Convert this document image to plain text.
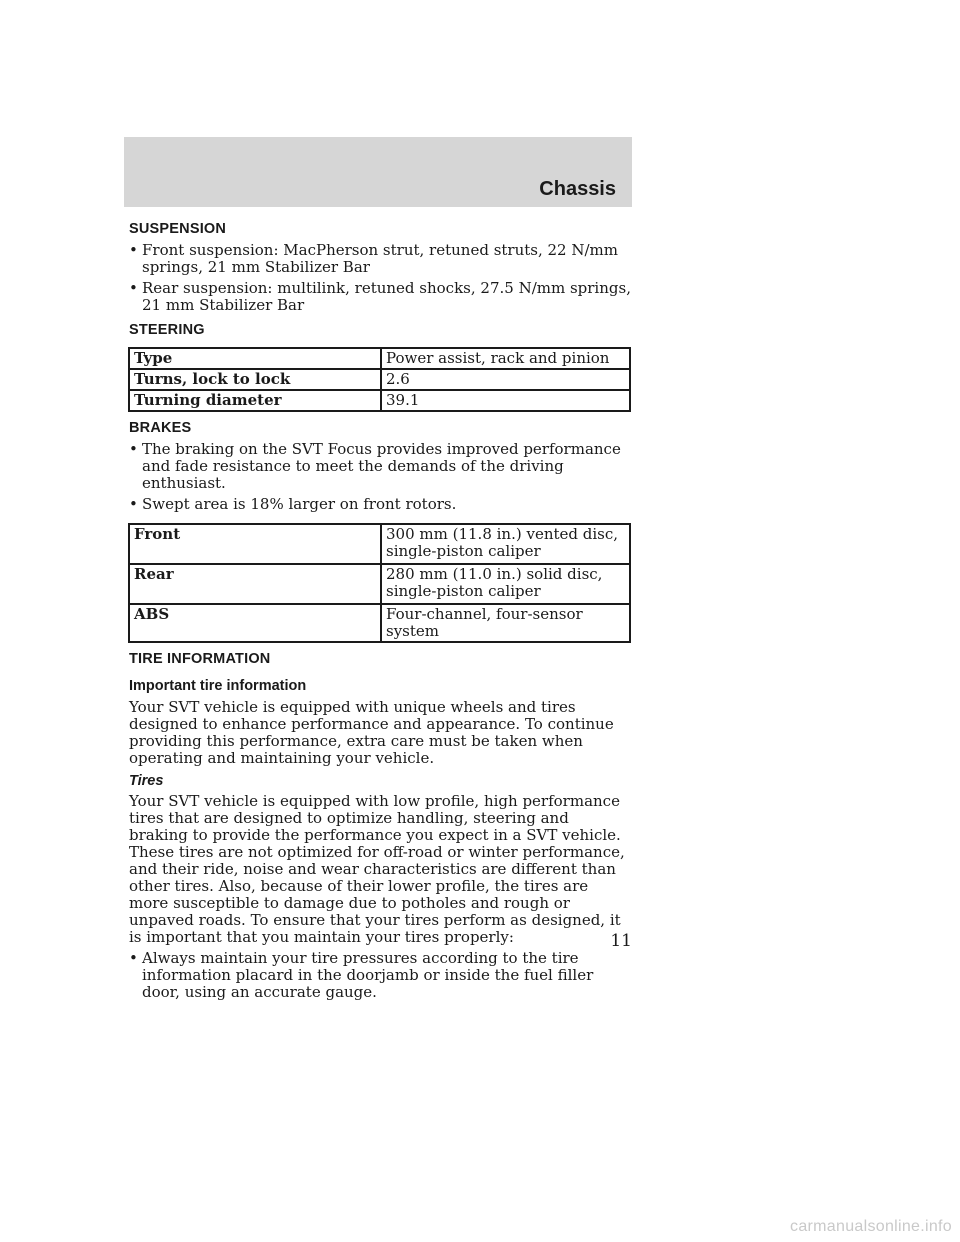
Chassis
SUSPENSION
• Front suspension: MacPherson strut, retuned struts, 22 N/mm springs, 21 mm Stabilizer Bar
• Rear suspension: multilink, retuned shocks, 27.5 N/mm springs, 21 mm Stabilizer Bar
STEERING
Type	Power assist, rack and pinion
Turns, lock to lock	2.6
Turning diameter	39.1
BRAKES
• The braking on the SVT Focus provides improved performance and fade resistance to meet the demands of the driving enthusiast.
• Swept area is 18% larger on front rotors.
Front	300 mm (11.8 in.) vented disc, single-piston caliper
Rear	280 mm (11.0 in.) solid disc, single-piston caliper
ABS	Four-channel, four-sensor system
TIRE INFORMATION
Important tire information

Your SVT vehicle is equipped with unique wheels and tires designed to enhance performance and appearance. To continue providing this performance, extra care must be taken when operating and maintaining your vehicle.

Tires

Your SVT vehicle is equipped with low profile, high performance tires that are designed to optimize handling, steering and braking to provide the performance you expect in a SVT vehicle. These tires are not optimized for off-road or winter performance, and their ride, noise and wear characteristics are different than other tires. Also, because of their lower profile, the tires are more susceptible to damage due to potholes and rough or unpaved roads. To ensure that your tires perform as designed, it is important that you maintain your tires properly:

• Always maintain your tire pressures according to the tire information placard in the doorjamb or inside the fuel filler door, using an accurate gauge.
11
carmanualsonline.info
